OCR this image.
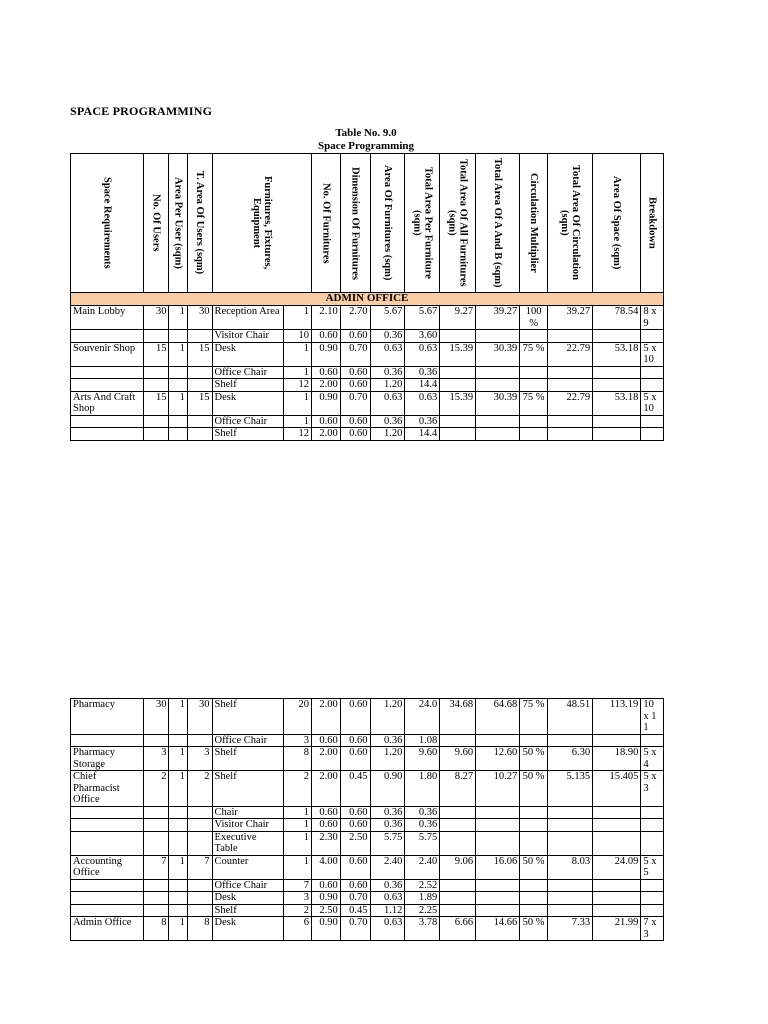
SPACE PROGRAMMING
Table No. 9.0
Space Programming
Space Requirements	No. Of Users	Area Per User (sqm)	T. Area Of Users (sqm)	Furnitures, Fixtures, Equipment		No. Of Furnitures	Dimension Of Furnitures	Area Of Furnitures (sqm)	Total Area Per Furniture (sqm)	Total Area Of All Furnitures (sqm)	Total Area Of A And B (sqm)	Circulation Multiplier	Total Area Of Circulation (sqm)	Area Of Space (sqm)	Breakdown

ADMIN OFFICE															
Main Lobby	30	1	30	Reception Area	1	2.10	2.70	5.67	5.67	9.27	39.27	100 %	39.27	78.54	8 x 9
				Visitor Chair	10	0.60	0.60	0.36	3.60						
Souvenir Shop	15	1	15	Desk	1	0.90	0.70	0.63	0.63	15.39	30.39	75 %	22.79	53.18	5 x 10
				Office Chair	1	0.60	0.60	0.36	0.36						
				Shelf	12	2.00	0.60	1.20	14.4						
Arts And Craft Shop	15	1	15	Desk	1	0.90	0.70	0.63	0.63	15.39	30.39	75 %	22.79	53.18	5 x 10
				Office Chair	1	0.60	0.60	0.36	0.36						
				Shelf	12	2.00	0.60	1.20	14.4						
Pharmacy	30	1	30	Shelf	20	2.00	0.60	1.20	24.0	34.68	64.68	75 %	48.51	113.19	10 x 11
				Office Chair	3	0.60	0.60	0.36	1.08						
Pharmacy Storage	3	1	3	Shelf	8	2.00	0.60	1.20	9.60	9.60	12.60	50 %	6.30	18.90	5 x 4
Chief Pharmacist Office	2	1	2	Shelf	2	2.00	0.45	0.90	1.80	8.27	10.27	50 %	5.135	15.405	5 x 3
				Chair	1	0.60	0.60	0.36	0.36						
				Visitor Chair	1	0.60	0.60	0.36	0.36						
				Executive Table	1	2.30	2.50	5.75	5.75						
Accounting Office	7	1	7	Counter	1	4.00	0.60	2.40	2.40	9.06	16.06	50 %	8.03	24.09	5 x 5
				Office Chair	7	0.60	0.60	0.36	2.52						
				Desk	3	0.90	0.70	0.63	1.89						
				Shelf	2	2.50	0.45	1.12	2.25						
Admin Office	8	1	8	Desk	6	0.90	0.70	0.63	3.78	6.66	14.66	50 %	7.33	21.99	7 x 3
